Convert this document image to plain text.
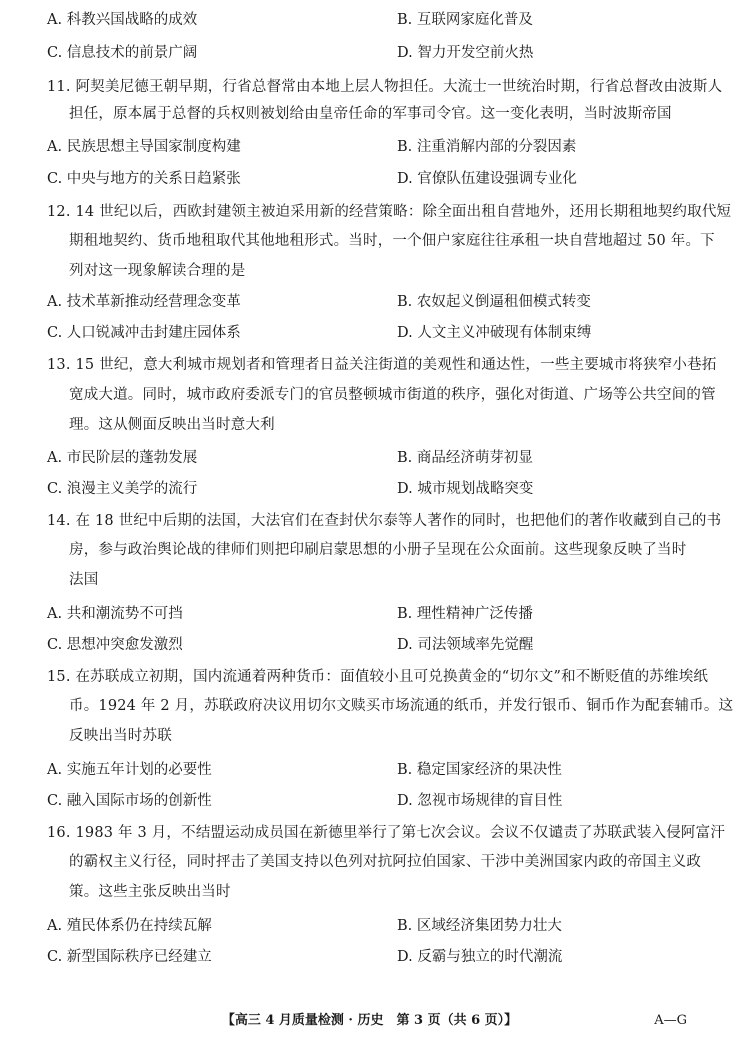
A. 科教兴国战略的成效	B. 互联网家庭化普及
C. 信息技术的前景广阔	D. 智力开发空前火热
11. 阿契美尼德王朝早期，行省总督常由本地上层人物担任。大流士一世统治时期，行省总督改由波斯人
担任，原本属于总督的兵权则被划给由皇帝任命的军事司令官。这一变化表明，当时波斯帝国
A. 民族思想主导国家制度构建	B. 注重消解内部的分裂因素
C. 中央与地方的关系日趋紧张	D. 官僚队伍建设强调专业化
12. 14 世纪以后，西欧封建领主被迫采用新的经营策略：除全面出租自营地外，还用长期租地契约取代短
期租地契约、货币地租取代其他地租形式。当时，一个佃户家庭往往承租一块自营地超过 50 年。下
列对这一现象解读合理的是
A. 技术革新推动经营理念变革	B. 农奴起义倒逼租佃模式转变
C. 人口锐减冲击封建庄园体系	D. 人文主义冲破现有体制束缚
13. 15 世纪，意大利城市规划者和管理者日益关注街道的美观性和通达性，一些主要城市将狭窄小巷拓
宽成大道。同时，城市政府委派专门的官员整顿城市街道的秩序，强化对街道、广场等公共空间的管
理。这从侧面反映出当时意大利
A. 市民阶层的蓬勃发展	B. 商品经济萌芽初显
C. 浪漫主义美学的流行	D. 城市规划战略突变
14. 在 18 世纪中后期的法国，大法官们在查封伏尔泰等人著作的同时，也把他们的著作收藏到自己的书
房，参与政治舆论战的律师们则把印刷启蒙思想的小册子呈现在公众面前。这些现象反映了当时
法国
A. 共和潮流势不可挡	B. 理性精神广泛传播
C. 思想冲突愈发激烈	D. 司法领域率先觉醒
15. 在苏联成立初期，国内流通着两种货币：面值较小且可兑换黄金的“切尔文”和不断贬值的苏维埃纸
币。1924 年 2 月，苏联政府决议用切尔文赎买市场流通的纸币，并发行银币、铜币作为配套辅币。这
反映出当时苏联
A. 实施五年计划的必要性	B. 稳定国家经济的果决性
C. 融入国际市场的创新性	D. 忽视市场规律的盲目性
16. 1983 年 3 月，不结盟运动成员国在新德里举行了第七次会议。会议不仅谴责了苏联武装入侵阿富汗
的霸权主义行径，同时抨击了美国支持以色列对抗阿拉伯国家、干涉中美洲国家内政的帝国主义政
策。这些主张反映出当时
A. 殖民体系仍在持续瓦解	B. 区域经济集团势力壮大
C. 新型国际秩序已经建立	D. 反霸与独立的时代潮流
【高三 4 月质量检测 · 历史　第 3 页（共 6 页）】	A—G
